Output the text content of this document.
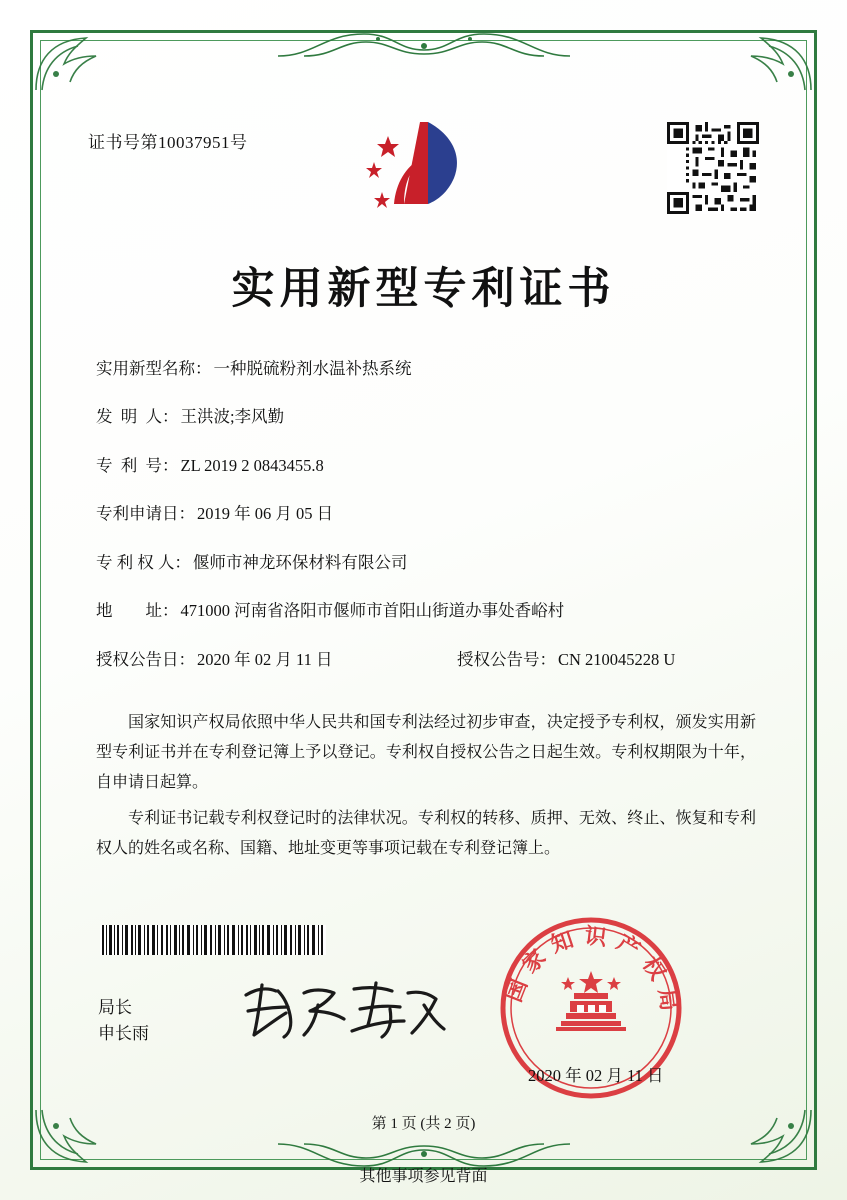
证书号第10037951号
实用新型专利证书
实用新型名称： 一种脱硫粉剂水温补热系统
发  明  人： 王洪波;李风勤
专  利  号： ZL 2019 2 0843455.8
专利申请日： 2019 年 06 月 05 日
专 利 权 人： 偃师市神龙环保材料有限公司
地        址： 471000 河南省洛阳市偃师市首阳山街道办事处香峪村
授权公告日： 2020 年 02 月 11 日	授权公告号： CN 210045228 U

国家知识产权局依照中华人民共和国专利法经过初步审查，决定授予专利权，颁发实用新型专利证书并在专利登记簿上予以登记。专利权自授权公告之日起生效。专利权期限为十年，自申请日起算。

专利证书记载专利权登记时的法律状况。专利权的转移、质押、无效、终止、恢复和专利权人的姓名或名称、国籍、地址变更等事项记载在专利登记簿上。

局长
申长雨
国家知识产权局
2020 年 02 月 11 日
第 1 页 (共 2 页)
其他事项参见背面
